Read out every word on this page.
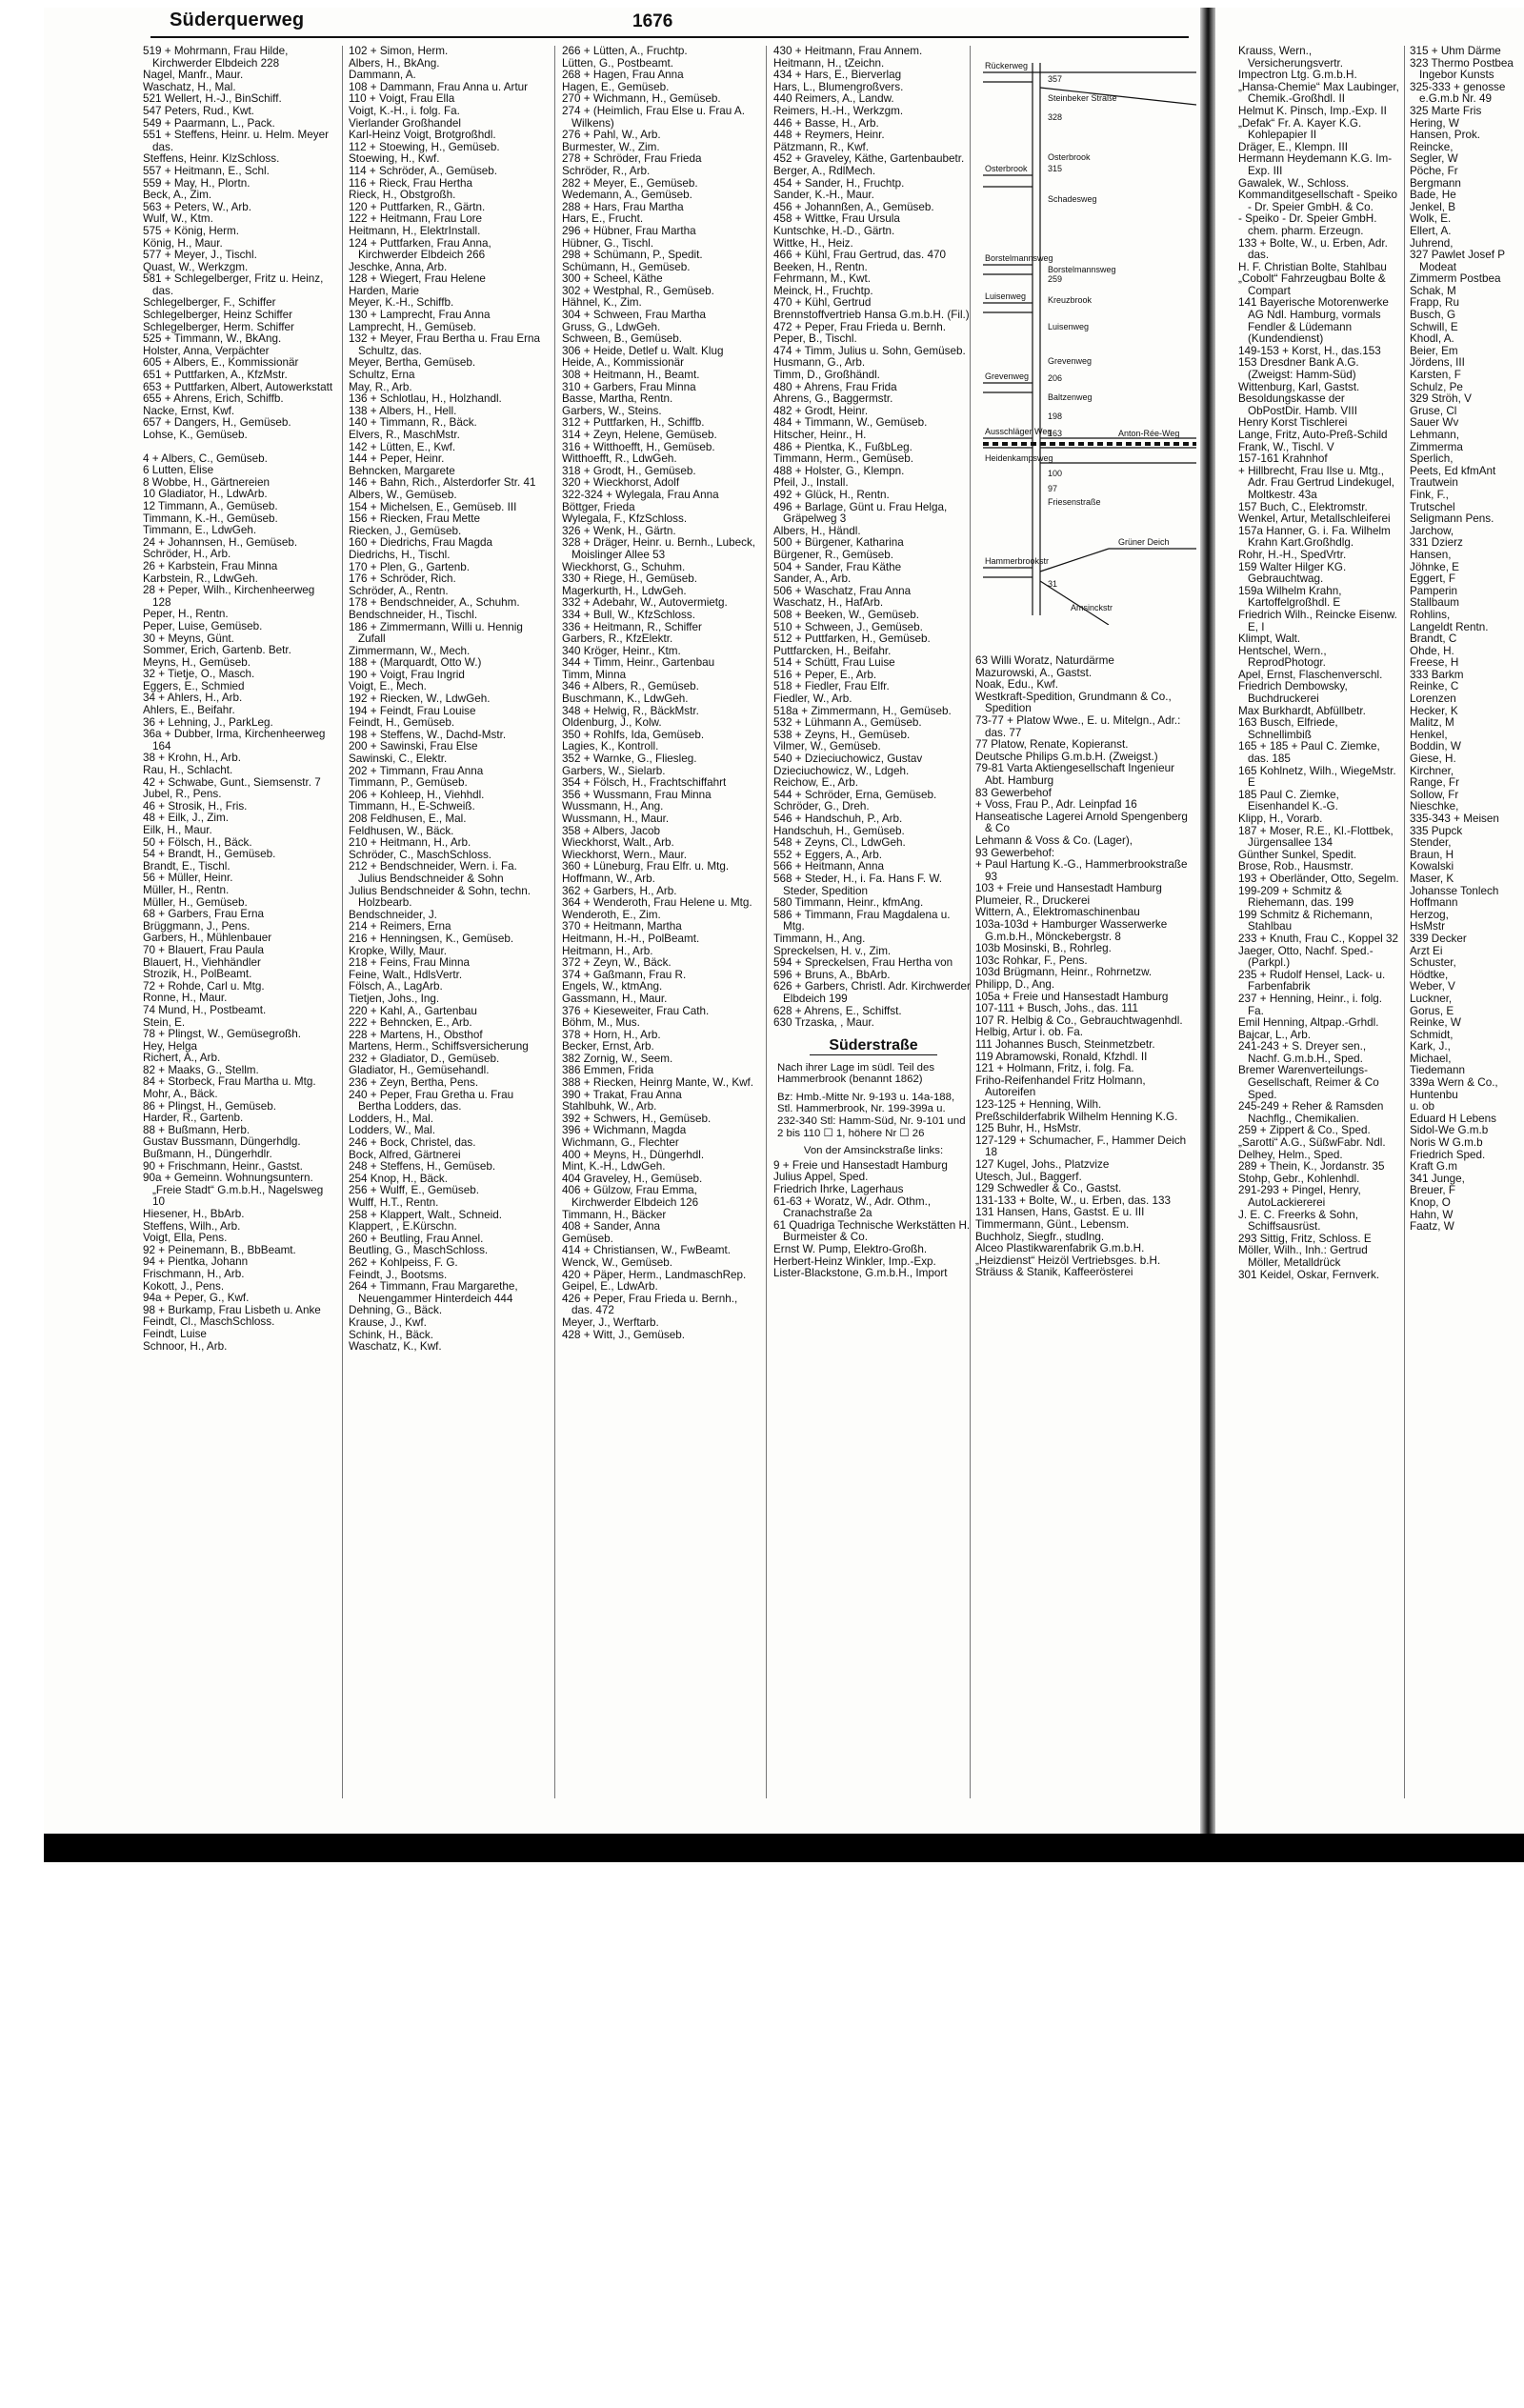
Süderquerweg	1676

519 + Mohrmann, Frau Hilde, Kirchwerder Elbdeich 228

Nagel, Manfr., Maur.

Waschatz, H., Mal.

521 Wellert, H.-J., BinSchiff.

547 Peters, Rud., Kwt.

549 + Paarmann, L., Pack.

551 + Steffens, Heinr. u. Helm. Meyer das.

Steffens, Heinr. KlzSchloss.

557 + Heitmann, E., Schl.

559 + May, H., Plortn.

Beck, A., Zim.

563 + Peters, W., Arb.

Wulf, W., Ktm.

575 + König, Herm.

König, H., Maur.

577 + Meyer, J., Tischl.

Quast, W., Werkzgm.

581 + Schlegelberger, Fritz u. Heinz, das.

Schlegelberger, F., Schiffer

Schlegelberger, Heinz Schiffer

Schlegelberger, Herm. Schiffer

525 + Timmann, W., BkAng.

Holster, Anna, Verpächter

605 + Albers, E., Kommissionär

651 + Puttfarken, A., KfzMstr.

653 + Puttfarken, Albert, Autowerkstatt

655 + Ahrens, Erich, Schiffb.

Nacke, Ernst, Kwf.

657 + Dangers, H., Gemüseb.

Lohse, K., Gemüseb.

4 + Albers, C., Gemüseb.

6 Lutten, Elise

8 Wobbe, H., Gärtnereien

10 Gladiator, H., LdwArb.

12 Timmann, A., Gemüseb.

Timmann, K.-H., Gemüseb.

Timmann, E., LdwGeh.

24 + Johannsen, H., Gemüseb.

Schröder, H., Arb.

26 + Karbstein, Frau Minna

Karbstein, R., LdwGeh.

28 + Peper, Wilh., Kirchenheerweg 128

Peper, H., Rentn.

Peper, Luise, Gemüseb.

30 + Meyns, Günt.

Sommer, Erich, Gartenb. Betr.

Meyns, H., Gemüseb.

32 + Tietje, O., Masch.

Eggers, E., Schmied

34 + Ahlers, H., Arb.

Ahlers, E., Beifahr.

36 + Lehning, J., ParkLeg.

36a + Dubber, Irma, Kirchenheerweg 164

38 + Krohn, H., Arb.

Rau, H., Schlacht.

42 + Schwabe, Gunt., Siemsenstr. 7

Jubel, R., Pens.

46 + Strosik, H., Fris.

48 + Eilk, J., Zim.

Eilk, H., Maur.

50 + Fölsch, H., Bäck.

54 + Brandt, H., Gemüseb.

Brandt, E., Tischl.

56 + Müller, Heinr.

Müller, H., Rentn.

Müller, H., Gemüseb.

68 + Garbers, Frau Erna

Brüggmann, J., Pens.

Garbers, H., Mühlenbauer

70 + Blauert, Frau Paula

Blauert, H., Viehhändler

Strozik, H., PolBeamt.

72 + Rohde, Carl u. Mtg.

Ronne, H., Maur.

74 Mund, H., Postbeamt.

Stein, E.

78 + Plingst, W., Gemüsegroßh.

Hey, Helga

Richert, A., Arb.

82 + Maaks, G., Stellm.

84 + Storbeck, Frau Martha u. Mtg.

Mohr, A., Bäck.

86 + Plingst, H., Gemüseb.

Harder, R., Gartenb.

88 + Bußmann, Herb.

Gustav Bussmann, Düngerhdlg.

Bußmann, H., Düngerhdlr.

90 + Frischmann, Heinr., Gastst.

90a + Gemeinn. Wohnungsuntern. „Freie Stadt“ G.m.b.H., Nagelsweg 10

Hiesener, H., BbArb.

Steffens, Wilh., Arb.

Voigt, Ella, Pens.

92 + Peinemann, B., BbBeamt.

94 + Pientka, Johann

Frischmann, H., Arb.

Kokott, J., Pens.

94a + Peper, G., Kwf.

98 + Burkamp, Frau Lisbeth u. Anke

Feindt, Cl., MaschSchloss.

Feindt, Luise

Schnoor, H., Arb.

102 + Simon, Herm.

Albers, H., BkAng.

Dammann, A.

108 + Dammann, Frau Anna u. Artur

110 + Voigt, Frau Ella

Voigt, K.-H., i. folg. Fa.

Vierlander Großhandel

Karl-Heinz Voigt, Brotgroßhdl.

112 + Stoewing, H., Gemüseb.

Stoewing, H., Kwf.

114 + Schröder, A., Gemüseb.

116 + Rieck, Frau Hertha

Rieck, H., Obstgroßh.

120 + Puttfarken, R., Gärtn.

122 + Heitmann, Frau Lore

Heitmann, H., ElektrInstall.

124 + Puttfarken, Frau Anna, Kirchwerder Elbdeich 266

Jeschke, Anna, Arb.

128 + Wiegert, Frau Helene

Harden, Marie

Meyer, K.-H., Schiffb.

130 + Lamprecht, Frau Anna

Lamprecht, H., Gemüseb.

132 + Meyer, Frau Bertha u. Frau Erna Schultz, das.

Meyer, Bertha, Gemüseb.

Schultz, Erna

May, R., Arb.

136 + Schlotlau, H., Holzhandl.

138 + Albers, H., Hell.

140 + Timmann, R., Bäck.

Elvers, R., MaschMstr.

142 + Lütten, E., Kwf.

144 + Peper, Heinr.

Behncken, Margarete

146 + Bahn, Rich., Alsterdorfer Str. 41

Albers, W., Gemüseb.

154 + Michelsen, E., Gemüseb. III

156 + Riecken, Frau Mette

Riecken, J., Gemüseb.

160 + Diedrichs, Frau Magda

Diedrichs, H., Tischl.

170 + Plen, G., Gartenb.

176 + Schröder, Rich.

Schröder, A., Rentn.

178 + Bendschneider, A., Schuhm.

Bendschneider, H., Tischl.

186 + Zimmermann, Willi u. Hennig Zufall

Zimmermann, W., Mech.

188 + (Marquardt, Otto W.)

190 + Voigt, Frau Ingrid

Voigt, E., Mech.

192 + Riecken, W., LdwGeh.

194 + Feindt, Frau Louise

Feindt, H., Gemüseb.

198 + Steffens, W., Dachd-Mstr.

200 + Sawinski, Frau Else

Sawinski, C., Elektr.

202 + Timmann, Frau Anna

Timmann, P., Gemüseb.

206 + Kohleep, H., Viehhdl.

Timmann, H., E-Schweiß.

208 Feldhusen, E., Mal.

Feldhusen, W., Bäck.

210 + Heitmann, H., Arb.

Schröder, C., MaschSchloss.

212 + Bendschneider, Wern. i. Fa. Julius Bendschneider & Sohn

Julius Bendschneider & Sohn, techn. Holzbearb.

Bendschneider, J.

214 + Reimers, Erna

216 + Henningsen, K., Gemüseb.

Kropke, Willy, Maur.

218 + Feins, Frau Minna

Feine, Walt., HdlsVertr.

Fölsch, A., LagArb.

Tietjen, Johs., Ing.

220 + Kahl, A., Gartenbau

222 + Behncken, E., Arb.

228 + Martens, H., Obsthof

Martens, Herm., Schiffsversicherung

232 + Gladiator, D., Gemüseb.

Gladiator, H., Gemüsehandl.

236 + Zeyn, Bertha, Pens.

240 + Peper, Frau Gretha u. Frau Bertha Lodders, das.

Lodders, H., Mal.

Lodders, W., Mal.

246 + Bock, Christel, das.

Bock, Alfred, Gärtnerei

248 + Steffens, H., Gemüseb.

254 Knop, H., Bäck.

256 + Wulff, E., Gemüseb.

Wulff, H.T., Rentn.

258 + Klappert, Walt., Schneid.

Klappert, , E.Kürschn.

260 + Beutling, Frau Annel.

Beutling, G., MaschSchloss.

262 + Kohlpeiss, F. G.

Feindt, J., Bootsms.

264 + Timmann, Frau Margarethe, Neuengammer Hinterdeich 444

Dehning, G., Bäck.

Krause, J., Kwf.

Schink, H., Bäck.

Waschatz, K., Kwf.

266 + Lütten, A., Fruchtp.

Lütten, G., Postbeamt.

268 + Hagen, Frau Anna

Hagen, E., Gemüseb.

270 + Wichmann, H., Gemüseb.

274 + (Heimlich, Frau Else u. Frau A. Wilkens)

276 + Pahl, W., Arb.

Burmester, W., Zim.

278 + Schröder, Frau Frieda

Schröder, R., Arb.

282 + Meyer, E., Gemüseb.

Wedemann, A., Gemüseb.

288 + Hars, Frau Martha

Hars, E., Frucht.

296 + Hübner, Frau Martha

Hübner, G., Tischl.

298 + Schümann, P., Spedit.

Schümann, H., Gemüseb.

300 + Scheel, Käthe

302 + Westphal, R., Gemüseb.

Hähnel, K., Zim.

304 + Schween, Frau Martha

Gruss, G., LdwGeh.

Schween, B., Gemüseb.

306 + Heide, Detlef u. Walt. Klug

Heide, A., Kommissionär

308 + Heitmann, H., Beamt.

310 + Garbers, Frau Minna

Basse, Martha, Rentn.

Garbers, W., Steins.

312 + Puttfarken, H., Schiffb.

314 + Zeyn, Helene, Gemüseb.

316 + Witthoefft, H., Gemüseb.

Witthoefft, R., LdwGeh.

318 + Grodt, H., Gemüseb.

320 + Wieckhorst, Adolf

322-324 + Wylegala, Frau Anna

Böttger, Frieda

Wylegala, F., KfzSchloss.

326 + Wenk, H., Gärtn.

328 + Dräger, Heinr. u. Bernh., Lubeck, Moislinger Allee 53

Wieckhorst, G., Schuhm.

330 + Riege, H., Gemüseb.

Magerkurth, H., LdwGeh.

332 + Adebahr, W., Autovermietg.

334 + Bull, W., KfzSchloss.

336 + Heitmann, R., Schiffer

Garbers, R., KfzElektr.

340 Kröger, Heinr., Ktm.

344 + Timm, Heinr., Gartenbau

Timm, Minna

346 + Albers, R., Gemüseb.

Buschmann, K., LdwGeh.

348 + Helwig, R., BäckMstr.

Oldenburg, J., Kolw.

350 + Rohlfs, Ida, Gemüseb.

Lagies, K., Kontroll.

352 + Warnke, G., Fliesleg.

Garbers, W., Sielarb.

354 + Fölsch, H., Frachtschiffahrt

356 + Wussmann, Frau Minna

Wussmann, H., Ang.

Wussmann, H., Maur.

358 + Albers, Jacob

Wieckhorst, Walt., Arb.

Wieckhorst, Wern., Maur.

360 + Lüneburg, Frau Elfr. u. Mtg.

Hoffmann, W., Arb.

362 + Garbers, H., Arb.

364 + Wenderoth, Frau Helene u. Mtg.

Wenderoth, E., Zim.

370 + Heitmann, Martha

Heitmann, H.-H., PolBeamt.

Heitmann, H., Arb.

372 + Zeyn, W., Bäck.

374 + Gaßmann, Frau R.

Engels, W., ktmAng.

Gassmann, H., Maur.

376 + Kieseweiter, Frau Cath.

Böhm, M., Mus.

378 + Horn, H., Arb.

Becker, Ernst, Arb.

382 Zornig, W., Seem.

386 Emmen, Frida

388 + Riecken, Heinrg Mante, W., Kwf.

390 + Trakat, Frau Anna

Stahlbuhk, W., Arb.

392 + Schwers, H., Gemüseb.

396 + Wichmann, Magda

Wichmann, G., Flechter

400 + Meyns, H., Düngerhdl.

Mint, K.-H., LdwGeh.

404 Graveley, H., Gemüseb.

406 + Gülzow, Frau Emma, Kirchwerder Elbdeich 126

Timmann, H., Bäcker

408 + Sander, Anna

Gemüseb.

414 + Christiansen, W., FwBeamt.

Wenck, W., Gemüseb.

420 + Päper, Herm., LandmaschRep.

Geipel, E., LdwArb.

426 + Peper, Frau Frieda u. Bernh., das. 472

Meyer, J., Werftarb.

428 + Witt, J., Gemüseb.

430 + Heitmann, Frau Annem.

Heitmann, H., tZeichn.

434 + Hars, E., Bierverlag

Hars, L., Blumengroßvers.

440 Reimers, A., Landw.

Reimers, H.-H., Werkzgm.

446 + Basse, H., Arb.

448 + Reymers, Heinr.

Pätzmann, R., Kwf.

452 + Graveley, Käthe, Gartenbaubetr.

Berger, A., RdlMech.

454 + Sander, H., Fruchtp.

Sander, K.-H., Maur.

456 + Johannßen, A., Gemüseb.

458 + Wittke, Frau Ursula

Kuntschke, H.-D., Gärtn.

Wittke, H., Heiz.

466 + Kühl, Frau Gertrud, das. 470

Beeken, H., Rentn.

Fehrmann, M., Kwt.

Meinck, H., Fruchtp.

470 + Kühl, Gertrud

Brennstoffvertrieb Hansa G.m.b.H. (Fil.)

472 + Peper, Frau Frieda u. Bernh.

Peper, B., Tischl.

474 + Timm, Julius u. Sohn, Gemüseb.

Husmann, G., Arb.

Timm, D., Großhändl.

480 + Ahrens, Frau Frida

Ahrens, G., Baggermstr.

482 + Grodt, Heinr.

484 + Timmann, W., Gemüseb.

Hitscher, Heinr., H.

486 + Pientka, K., FußbLeg.

Timmann, Herm., Gemüseb.

488 + Holster, G., Klempn.

Pfeil, J., Install.

492 + Glück, H., Rentn.

496 + Barlage, Günt u. Frau Helga, Gräpelweg 3

Albers, H., Händl.

500 + Bürgener, Katharina

Bürgener, R., Gemüseb.

504 + Sander, Frau Käthe

Sander, A., Arb.

506 + Waschatz, Frau Anna

Waschatz, H., HafArb.

508 + Beeken, W., Gemüseb.

510 + Schween, J., Gemüseb.

512 + Puttfarken, H., Gemüseb.

Puttfarcken, H., Beifahr.

514 + Schütt, Frau Luise

516 + Peper, E., Arb.

518 + Fiedler, Frau Elfr.

Fiedler, W., Arb.

518a + Zimmermann, H., Gemüseb.

532 + Lühmann A., Gemüseb.

538 + Zeyns, H., Gemüseb.

Vilmer, W., Gemüseb.

540 + Dzieciuchowicz, Gustav

Dzieciuchowicz, W., Ldgeh.

Reichow, E., Arb.

544 + Schröder, Erna, Gemüseb.

Schröder, G., Dreh.

546 + Handschuh, P., Arb.

Handschuh, H., Gemüseb.

548 + Zeyns, Cl., LdwGeh.

552 + Eggers, A., Arb.

566 + Heitmann, Anna

568 + Steder, H., i. Fa. Hans F. W. Steder, Spedition

580 Timmann, Heinr., kfmAng.

586 + Timmann, Frau Magdalena u. Mtg.

Timmann, H., Ang.

Spreckelsen, H. v., Zim.

594 + Spreckelsen, Frau Hertha von

596 + Bruns, A., BbArb.

626 + Garbers, Christl. Adr. Kirchwerder Elbdeich 199

628 + Ahrens, E., Schiffst.

630 Trzaska, , Maur.

Süderstraße
Nach ihrer Lage im südl. Teil des Hammerbrook (benannt 1862)
Bz: Hmb.-Mitte Nr. 9-193 u. 14a-188, Stl. Hammerbrook, Nr. 199-399a u. 232-340 Stl: Hamm-Süd, Nr. 9-101 und 2 bis 110 ☐ 1, höhere Nr ☐ 26
Von der Amsinckstraße links:

9 + Freie und Hansestadt Hamburg

Julius Appel, Sped.

Friedrich Ihrke, Lagerhaus

61-63 + Woratz, W., Adr. Othm., Cranachstraße 2a

61 Quadriga Technische Werkstätten H. Burmeister & Co.

Ernst W. Pump, Elektro-Großh.

Herbert-Heinz Winkler, Imp.-Exp.

Lister-Blackstone, G.m.b.H., Import

Rückerweg
Steinbeker Straße
Osterbrook
Borstelmannsweg
Luisenweg
Grevenweg
Ausschläger Weg
Heidenkampsweg
Hammerbrookstr
Grüner Deich
Amsinckstr
357
328
Osterbrook
315
Schadesweg
259
Borstelmannsweg
Kreuzbrook
Luisenweg
Grevenweg
206
Baltzenweg
198
163	Anton-Rée-Weg
100
97
Friesenstraße
31

63 Willi Woratz, Naturdärme

Mazurowski, A., Gastst.

Noak, Edu., Kwf.

Westkraft-Spedition, Grundmann & Co., Spedition

73-77 + Platow Wwe., E. u. Mitelgn., Adr.: das. 77

77 Platow, Renate, Kopieranst.

Deutsche Philips G.m.b.H. (Zweigst.)

79-81 Varta Aktiengesellschaft Ingenieur Abt. Hamburg

83 Gewerbehof

+ Voss, Frau P., Adr. Leinpfad 16

Hanseatische Lagerei Arnold Spengenberg & Co

Lehmann & Voss & Co. (Lager),

93 Gewerbehof:

+ Paul Hartung K.-G., Hammerbrookstraße 93

103 + Freie und Hansestadt Hamburg

Plumeier, R., Druckerei

Wittern, A., Elektromaschinenbau

103a-103d + Hamburger Wasserwerke G.m.b.H., Mönckebergstr. 8

103b Mosinski, B., Rohrleg.

103c Rohkar, F., Pens.

103d Brügmann, Heinr., Rohrnetzw.

Philipp, D., Ang.

105a + Freie und Hansestadt Hamburg

107-111 + Busch, Johs., das. 111

107 R. Helbig & Co., Gebrauchtwagenhdl.

Helbig, Artur i. ob. Fa.

111 Johannes Busch, Steinmetzbetr.

119 Abramowski, Ronald, Kfzhdl. II

121 + Holmann, Fritz, i. folg. Fa.

Friho-Reifenhandel Fritz Holmann, Autoreifen

123-125 + Henning, Wilh.

Preßschilderfabrik Wilhelm Henning K.G.

125 Buhr, H., HsMstr.

127-129 + Schumacher, F., Hammer Deich 18

127 Kugel, Johs., Platzvize

Utesch, Jul., Baggerf.

129 Schwedler & Co., Gastst.

131-133 + Bolte, W., u. Erben, das. 133

131 Hansen, Hans, Gastst. E u. III

Timmermann, Günt., Lebensm.

Buchholz, Siegfr., studlng.

Alceo Plastikwarenfabrik G.m.b.H.

„Heizdienst“ Heizöl Vertriebsges. b.H.

Sträuss & Stanik, Kaffeerösterei

Krauss, Wern., Versicherungsvertr.

Impectron Ltg. G.m.b.H.

„Hansa-Chemie“ Max Laubinger, Chemik.-Großhdl. II

Helmut K. Pinsch, Imp.-Exp. II

„Defak“ Fr. A. Kayer K.G. Kohlepapier II

Dräger, E., Klempn. III

Hermann Heydemann K.G. Im-Exp. III

Gawalek, W., Schloss.

Kommanditgesellschaft - Speiko - Dr. Speier GmbH. & Co.

- Speiko - Dr. Speier GmbH. chem. pharm. Erzeugn.

133 + Bolte, W., u. Erben, Adr. das.

H. F. Christian Bolte, Stahlbau

„Cobolt“ Fahrzeugbau Bolte & Compart

141 Bayerische Motorenwerke AG Ndl. Hamburg, vormals Fendler & Lüdemann (Kundendienst)

149-153 + Korst, H., das.153

153 Dresdner Bank A.G. (Zweigst: Hamm-Süd)

Wittenburg, Karl, Gastst.

Besoldungskasse der ObPostDir. Hamb. VIII

Henry Korst Tischlerei

Lange, Fritz, Auto-Preß-Schild

Frank, W., Tischl. V

157-161 Krahnhof

+ Hillbrecht, Frau Ilse u. Mtg., Adr. Frau Gertrud Lindekugel, Moltkestr. 43a

157 Buch, C., Elektromstr.

Wenkel, Artur, Metallschleiferei

157a Hanner, G. i. Fa. Wilhelm Krahn Kart.Großhdlg.

Rohr, H.-H., SpedVrtr.

159 Walter Hilger KG. Gebrauchtwag.

159a Wilhelm Krahn, Kartoffelgroßhdl. E

Friedrich Wilh., Reincke Eisenw. E, I

Klimpt, Walt.

Hentschel, Wern., ReprodPhotogr.

Apel, Ernst, Flaschenverschl.

Friedrich Dembowsky, Buchdruckerei

Max Burkhardt, Abfüllbetr.

163 Busch, Elfriede, Schnellimbiß

165 + 185 + Paul C. Ziemke, das. 185

165 Kohlnetz, Wilh., WiegeMstr. E

185 Paul C. Ziemke, Eisenhandel K.-G.

Klipp, H., Vorarb.

187 + Moser, R.E., Kl.-Flottbek, Jürgensallee 134

Günther Sunkel, Spedit.

Brose, Rob., Hausmstr.

193 + Oberländer, Otto, Segelm.

199-209 + Schmitz & Riehemann, das. 199

199 Schmitz & Richemann, Stahlbau

233 + Knuth, Frau C., Koppel 32

Jaeger, Otto, Nachf. Sped.-(Parkpl.)

235 + Rudolf Hensel, Lack- u. Farbenfabrik

237 + Henning, Heinr., i. folg. Fa.

Emil Henning, Altpap.-Grhdl.

Bajcar, L., Arb.

241-243 + S. Dreyer sen., Nachf. G.m.b.H., Sped.

Bremer Warenverteilungs-Gesellschaft, Reimer & Co Sped.

245-249 + Reher & Ramsden Nachflg., Chemikalien.

259 + Zippert & Co., Sped.

„Sarotti“ A.G., SüßwFabr. Ndl.

Delhey, Helm., Sped.

289 + Thein, K., Jordanstr. 35

Stohp, Gebr., Kohlenhdl.

291-293 + Pingel, Henry, AutoLackiererei

J. E. C. Freerks & Sohn, Schiffsausrüst.

293 Sittig, Fritz, Schloss. E

Möller, Wilh., Inh.: Gertrud Möller, Metalldrück

301 Keidel, Oskar, Fernverk.

315 + Uhm Därme

323 Thermo Postbea Ingebor Kunsts

325-333 + genosse e.G.m.b Nr. 49

325 Marte Fris

Hering, W

Hansen, Prok.

Reincke,

Segler, W

Pöche, Fr

Bergmann

Bade, He

Jenkel, B

Wolk, E.

Ellert, A.

Juhrend,

327 Pawlet Josef P Modeat

Zimmerm Postbea

Schak, M

Frapp, Ru

Busch, G

Schwill, E

Khodl, A.

Beier, Em

Jördens, III

Karsten, F

Schulz, Pe

329 Ströh, V

Gruse, Cl

Sauer Wv

Lehmann,

Zimmerma

Sperlich,

Peets, Ed kfmAnt

Trautwein

Fink, F.,

Trutschel

Seligmann Pens.

Jarchow,

331 Dzierz

Hansen,

Jöhnke, E

Eggert, F

Pamperin

Stallbaum

Rohlins,

Langeldt Rentn.

Brandt, C

Ohde, H.

Freese, H

333 Barkm

Reinke, C

Lorenzen

Hecker, K

Malitz, M

Henkel,

Boddin, W

Giese, H.

Kirchner,

Range, Fr

Sollow, Fr

Nieschke,

335-343 + Meisen

335 Pupck

Stender,

Braun, H

Kowalski

Maser, K

Johansse Tonlech

Hoffmann

Herzog,

HsMstr

339 Decker

Arzt Ei

Schuster,

Hödtke,

Weber, V

Luckner,

Gorus, E

Reinke, W

Schmidt,

Kark, J.,

Michael,

Tiedemann

339a Wern & Co.,

Huntenbu

u. ob

Eduard H Lebens

Sidol-We G.m.b

Noris W G.m.b

Friedrich Sped.

Kraft G.m

341 Junge,

Breuer, F

Knop, O

Hahn, W

Faatz, W
